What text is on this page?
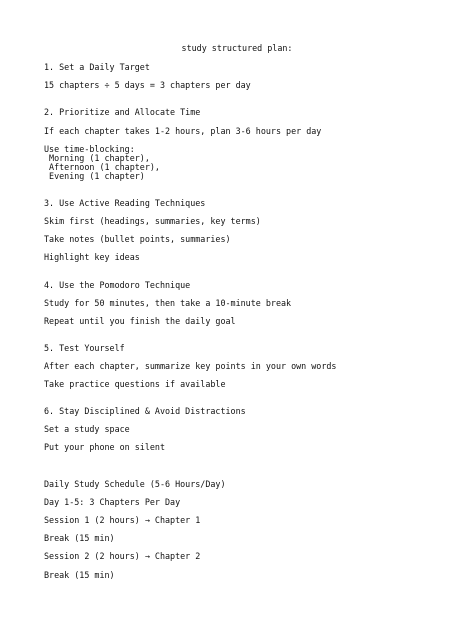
study structured plan:
1. Set a Daily Target
15 chapters ÷ 5 days = 3 chapters per day
2. Prioritize and Allocate Time
If each chapter takes 1-2 hours, plan 3-6 hours per day
Use time-blocking:
Morning (1 chapter),
Afternoon (1 chapter),
Evening (1 chapter)
3. Use Active Reading Techniques
Skim first (headings, summaries, key terms)
Take notes (bullet points, summaries)
Highlight key ideas
4. Use the Pomodoro Technique
Study for 50 minutes, then take a 10-minute break
Repeat until you finish the daily goal
5. Test Yourself
After each chapter, summarize key points in your own words
Take practice questions if available
6. Stay Disciplined & Avoid Distractions
Set a study space
Put your phone on silent
Daily Study Schedule (5-6 Hours/Day)
Day 1-5: 3 Chapters Per Day
Session 1 (2 hours) → Chapter 1
Break (15 min)
Session 2 (2 hours) → Chapter 2
Break (15 min)
